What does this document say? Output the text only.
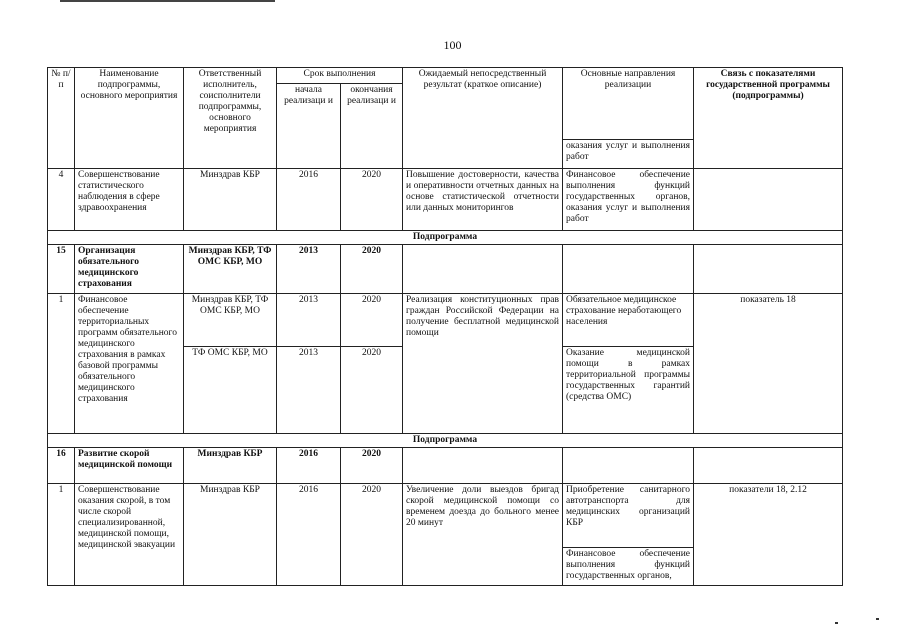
100
№ п/ п	Наименование подпрограммы, основного мероприятия	Ответственный исполнитель, соисполнители подпрограммы, основного мероприятия	Срок выполнения		Ожидаемый непосредственный результат (краткое описание)	Основные направления реализации	Связь с показателями государственной программы (подпрограммы)
			начала реализаци и	окончания реализаци и			
						оказания услуг и выполнения работ	
4	Совершенствование статистического наблюдения в сфере здравоохранения	Минздрав КБР	2016	2020	Повышение достоверности, качества и оперативности отчетных данных на основе статистической отчетности или данных мониторингов	Финансовое обеспечение выполнения функций государственных органов, оказания услуг и выполнения работ	
Подпрограмма							
15	Организация обязательного медицинского страхования	Минздрав КБР, ТФ ОМС КБР, МО	2013	2020			
1	Финансовое обеспечение территориальных программ обязательного медицинского страхования в рамках базовой программы обязательного медицинского страхования	Минздрав КБР, ТФ ОМС КБР, МО	2013	2020	Реализация конституционных прав граждан Российской Федерации на получение бесплатной медицинской помощи	Обязательное медицинское страхование неработающего населения	показатель 18
		ТФ ОМС КБР, МО	2013	2020		Оказание медицинской помощи в рамках территориальной программы государственных гарантий (средства ОМС)	
Подпрограмма							
16	Развитие скорой медицинской помощи	Минздрав КБР	2016	2020			
1	Совершенствование оказания скорой, в том числе скорой специализированной, медицинской помощи, медицинской эвакуации	Минздрав КБР	2016	2020	Увеличение доли выездов бригад скорой медицинской помощи со временем доезда до больного менее 20 минут	Приобретение санитарного автотранспорта для медицинских организаций КБР	показатели 18, 2.12
						Финансовое обеспечение выполнения функций государственных органов,	
